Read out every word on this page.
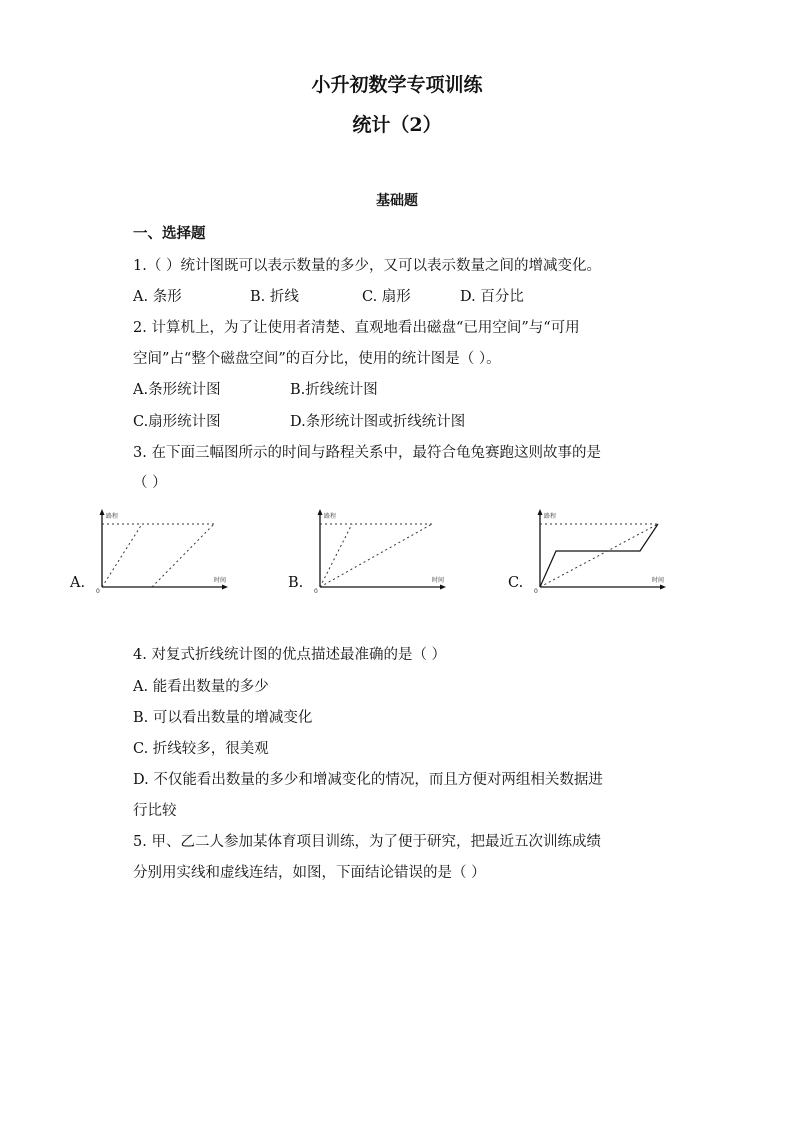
小升初数学专项训练
统计（2）
基础题
一、选择题
1.（ ）统计图既可以表示数量的多少，又可以表示数量之间的增减变化。
A. 条形	B. 折线	C. 扇形	D. 百分比
2. 计算机上，为了让使用者清楚、直观地看出磁盘“已用空间”与“可用
空间”占“整个磁盘空间”的百分比，使用的统计图是（ ）。
A.条形统计图	B.折线统计图
C.扇形统计图	D.条形统计图或折线统计图
3. 在下面三幅图所示的时间与路程关系中，最符合龟兔赛跑这则故事的是
（ ）
A.
路程
时间
0
B.
路程
时间
0
C.
路程
时间
0
4. 对复式折线统计图的优点描述最准确的是（ ）
A. 能看出数量的多少
B. 可以看出数量的增减变化
C. 折线较多，很美观
D. 不仅能看出数量的多少和增减变化的情况，而且方便对两组相关数据进
行比较
5. 甲、乙二人参加某体育项目训练，为了便于研究，把最近五次训练成绩
分别用实线和虚线连结，如图，下面结论错误的是（ ）
